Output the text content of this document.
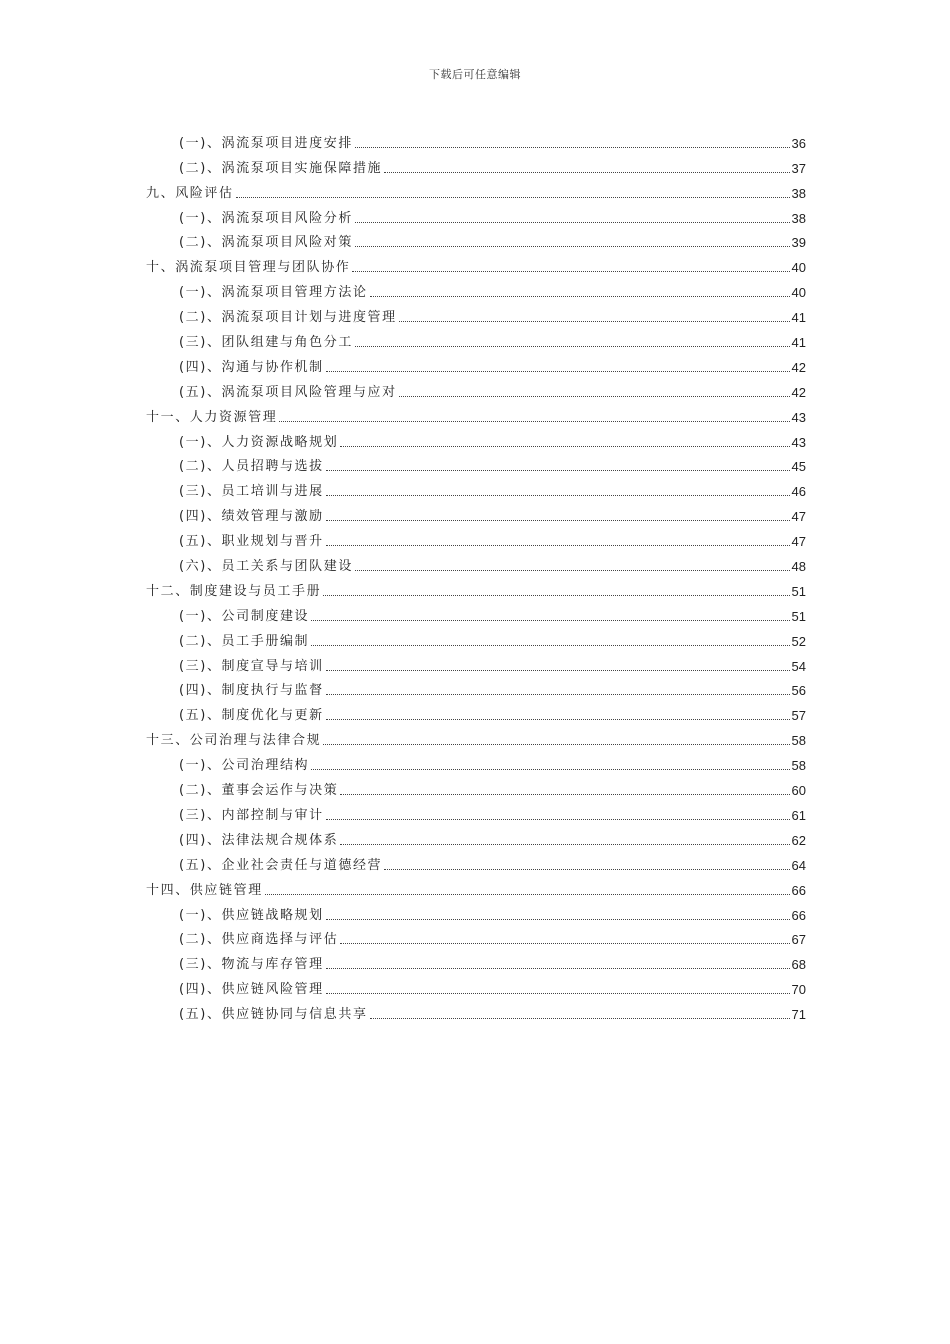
下载后可任意编辑
(一)、涡流泵项目进度安排	36
(二)、涡流泵项目实施保障措施	37
九、风险评估	38
(一)、涡流泵项目风险分析	38
(二)、涡流泵项目风险对策	39
十、涡流泵项目管理与团队协作	40
(一)、涡流泵项目管理方法论	40
(二)、涡流泵项目计划与进度管理	41
(三)、团队组建与角色分工	41
(四)、沟通与协作机制	42
(五)、涡流泵项目风险管理与应对	42
十一、人力资源管理	43
(一)、人力资源战略规划	43
(二)、人员招聘与选拔	45
(三)、员工培训与进展	46
(四)、绩效管理与激励	47
(五)、职业规划与晋升	47
(六)、员工关系与团队建设	48
十二、制度建设与员工手册	51
(一)、公司制度建设	51
(二)、员工手册编制	52
(三)、制度宣导与培训	54
(四)、制度执行与监督	56
(五)、制度优化与更新	57
十三、公司治理与法律合规	58
(一)、公司治理结构	58
(二)、董事会运作与决策	60
(三)、内部控制与审计	61
(四)、法律法规合规体系	62
(五)、企业社会责任与道德经营	64
十四、供应链管理	66
(一)、供应链战略规划	66
(二)、供应商选择与评估	67
(三)、物流与库存管理	68
(四)、供应链风险管理	70
(五)、供应链协同与信息共享	71
